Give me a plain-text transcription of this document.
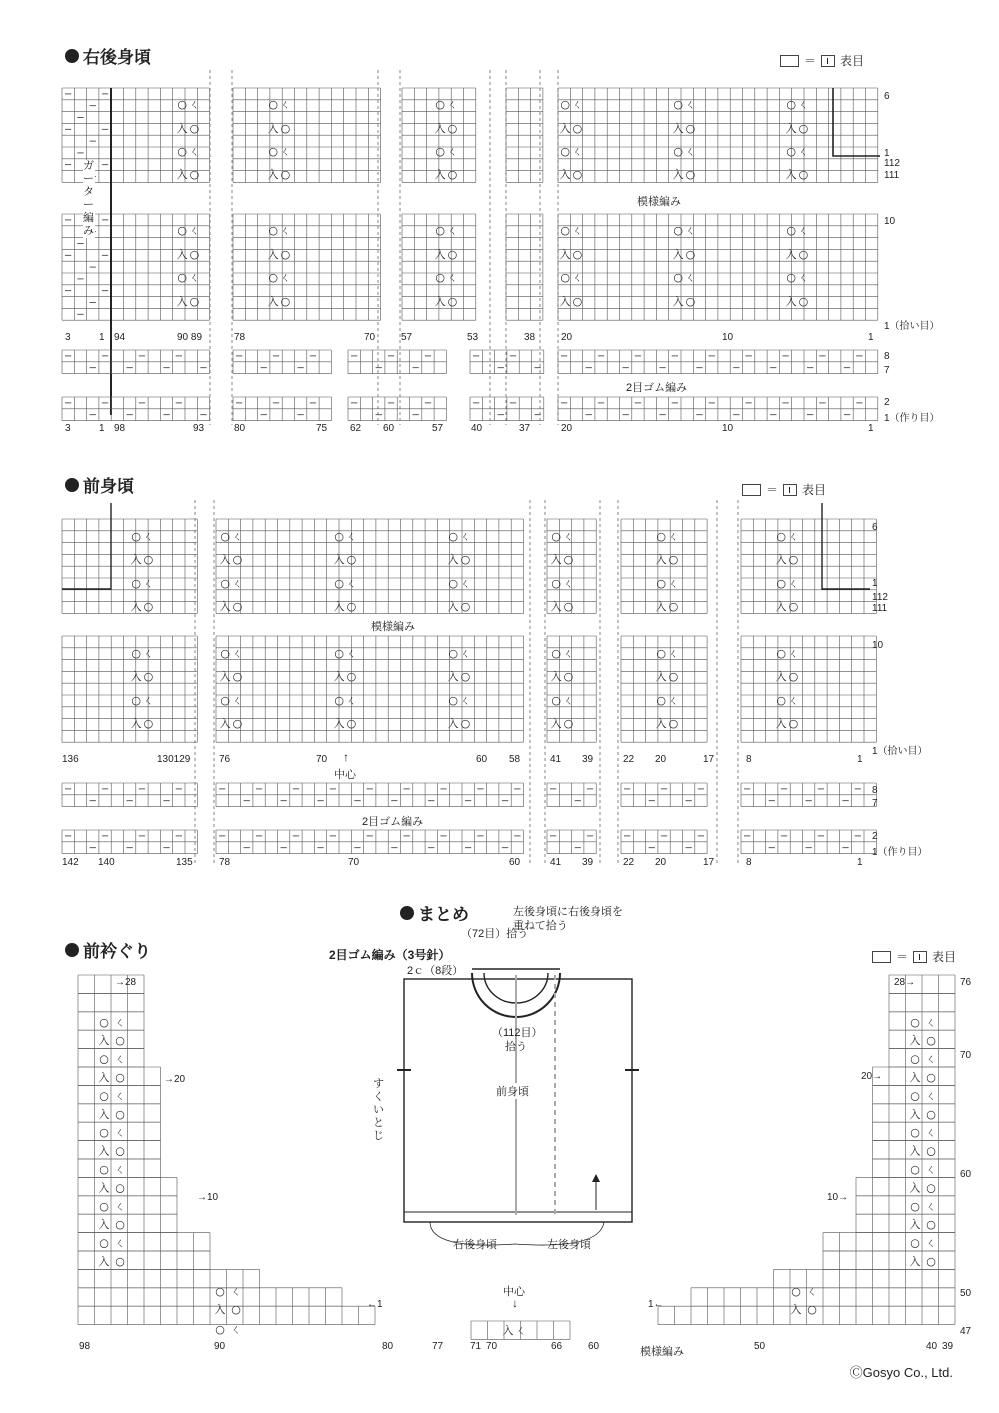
○ ㄑ
入 ○
○ ㄑ
入 ○
○ ㄑ
入 ○
○ ㄑ
入 ○
○ ㄑ
入 ○
○ ㄑ
入 ○
○ ㄑ
入 ○
○ ㄑ
入 ○
○ ㄑ
入 ○
○ ㄑ
入 ○
○ ㄑ
入 ○
○ ㄑ
入 ○
○ ㄑ
入 ○
○ ㄑ
入 ○
○ ㄑ
入 ○
○ ㄑ
入 ○
○ ㄑ
入 ○
○ ㄑ
入 ○
○ ㄑ
入 ○
○ ㄑ
入 ○
○ ㄑ
入 ○
○ ㄑ
入 ○
○ ㄑ
入 ○
○ ㄑ
入 ○
○ ㄑ
入 ○
○ ㄑ
入 ○
○ ㄑ
入 ○
○ ㄑ
入 ○
○ ㄑ
入 ○
○ ㄑ
入 ○
○ ㄑ
入 ○
○ ㄑ
入 ○
○ ㄑ
入 ○
○ ㄑ
入 ○
○ ㄑ
入 ○
○ ㄑ
入 ○
○ ㄑ
入 ○
○ ㄑ
入 ○
○ ㄑ
入 ○
○ ㄑ
入 ○
○ ㄑ
入 ○
○ ㄑ
入 ○
○ ㄑ
入 ○
○ ㄑ
入 ○
○ ㄑ
入 ○
○ ㄑ
入 ○
○ ㄑ
入 ○
○ ㄑ
入 ○
○ ㄑ
入 ○
○ ㄑ
入 ○
○ ㄑ
入 ○
○ ㄑ
入 ○
○ ㄑ	○ ㄑ
入 ○	入 ○
○ ㄑ	○ ㄑ
入 ○	入 ○
○ ㄑ	○ ㄑ
入 ○	入 ○
○ ㄑ	○ ㄑ
入 ○	入 ○
○ ㄑ	○ ㄑ
入 ○	入 ○
○ ㄑ	○ ㄑ
入 ○	入 ○
○ ㄑ	○ ㄑ
入 ○	入 ○
○ ㄑ
入 ○
○ ㄑ	ㄑ
入
○ ㄑ
入 ○
右後身頃
前身頃
前衿ぐり
まとめ
＝ 表目
＝ 表目
＝ 表目
模様編み
2目ゴム編み
ガーター編み
6
1
112
111
10
1（拾い目）
8
7
2
1（作り目）
3	1 94	90 89	78	70	57	53	38	20	10	1
3	1 98	93	80	75 62 60	57	40	37	20	10	1
模様編み
2目ゴム編み
↑
中心
6
1
112
111
10
1（拾い目）
8
7
2
1（作り目）
136	130129	76	70	60 58	41 39	22 20	17	8	1
142 140	135	78	70	60	41 39	22 20	17	8	1
→28
→20
→10
←1
28→
20→
10→
1←
76
70
60
50
47
98	90	80	77	71 70	66	60	50	40 39
中心
↓
模様編み
左後身頃に右後身頃を
重ねて拾う
（72目）拾う
2目ゴム編み（3号針）
2ｃ（8段）
（112目）
拾う
前身頃
すくいとじ
右後身頃	左後身頃
ⒸGosyo Co., Ltd.
